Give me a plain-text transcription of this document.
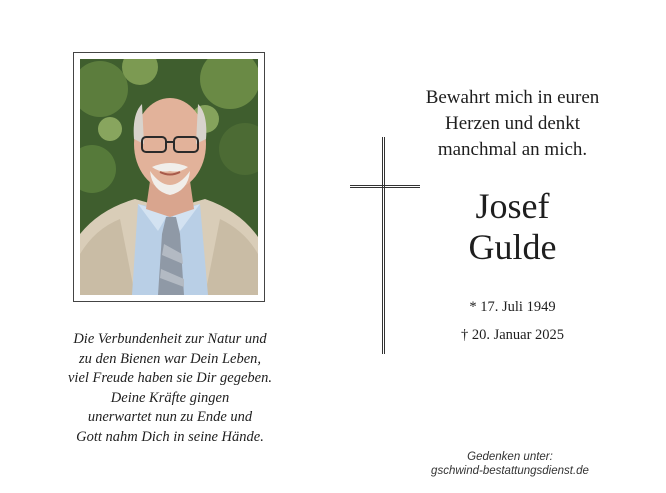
Die Verbundenheit zur Natur und
zu den Bienen war Dein Leben,
viel Freude haben sie Dir gegeben.
Deine Kräfte gingen
unerwartet nun zu Ende und
Gott nahm Dich in seine Hände.
Bewahrt mich in euren
Herzen und denkt
manchmal an mich.
Josef
Gulde
* 17. Juli 1949
† 20. Januar 2025
Gedenken unter:
gschwind-bestattungsdienst.de
